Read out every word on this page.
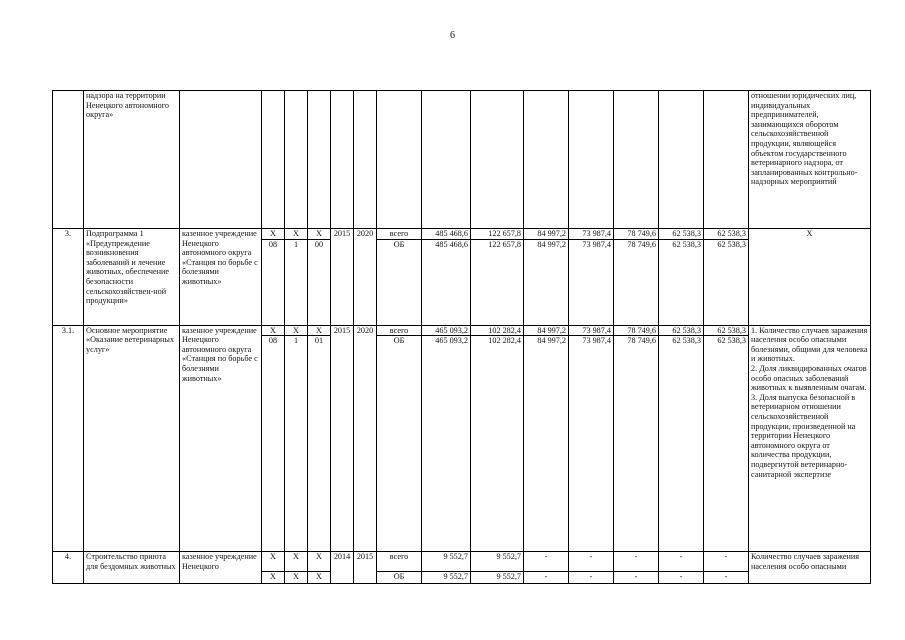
6
	надзора на территории Ненецкого автономного округа»															отношении юридических лиц, индивидуальных предпринимателей, занимающихся оборотом сельскохозяйственной продукции, являющейся объектом государственного ветеринарного надзора, от запланированных контрольно-надзорных мероприятий
3.	Подпрограмма 1 «Предупреждение возникновения заболеваний и лечение животных, обеспечение безопасности сельскохозяйствен-ной продукции»	казенное учреждение Ненецкого автономного округа «Станция по борьбе с болезнями животных»	X	X	X	2015	2020	всего	485 468,6	122 657,8	84 997,2	73 987,4	78 749,6	62 538,3	62 538,3	X
			08	1	00			ОБ	485 468,6	122 657,8	84 997,2	73 987,4	78 749,6	62 538,3	62 538,3	
3.1.	Основное мероприятие «Оказание ветеринарных услуг»	казенное учреждение Ненецкого автономного округа «Станция по борьбе с болезнями животных»	X	X	X	2015	2020	всего	465 093,2	102 282,4	84 997,2	73 987,4	78 749,6	62 538,3	62 538,3	1. Количество случаев заражения населения особо опасными болезнями, общими для человека и животных.
2. Доля ликвидированных очагов особо опасных заболеваний животных к выявленным очагам.
3. Доля выпуска безопасной в ветеринарном отношении сельскохозяйственной продукции, произведенной на территории Ненецкого автономного округа от количества продукции, подвергнутой ветеринарно-санитарной экспертизе
			08	1	01			ОБ	465 093,2	102 282,4	84 997,2	73 987,4	78 749,6	62 538,3	62 538,3	
4.	Строительство приюта для бездомных животных	казенное учреждение Ненецкого	X	X	X	2014	2015	всего	9 552,7	9 552,7	-	-	-	-	-	Количество случаев заражения населения особо опасными
			X	X	X			ОБ	9 552,7	9 552,7	-	-	-	-	-	
